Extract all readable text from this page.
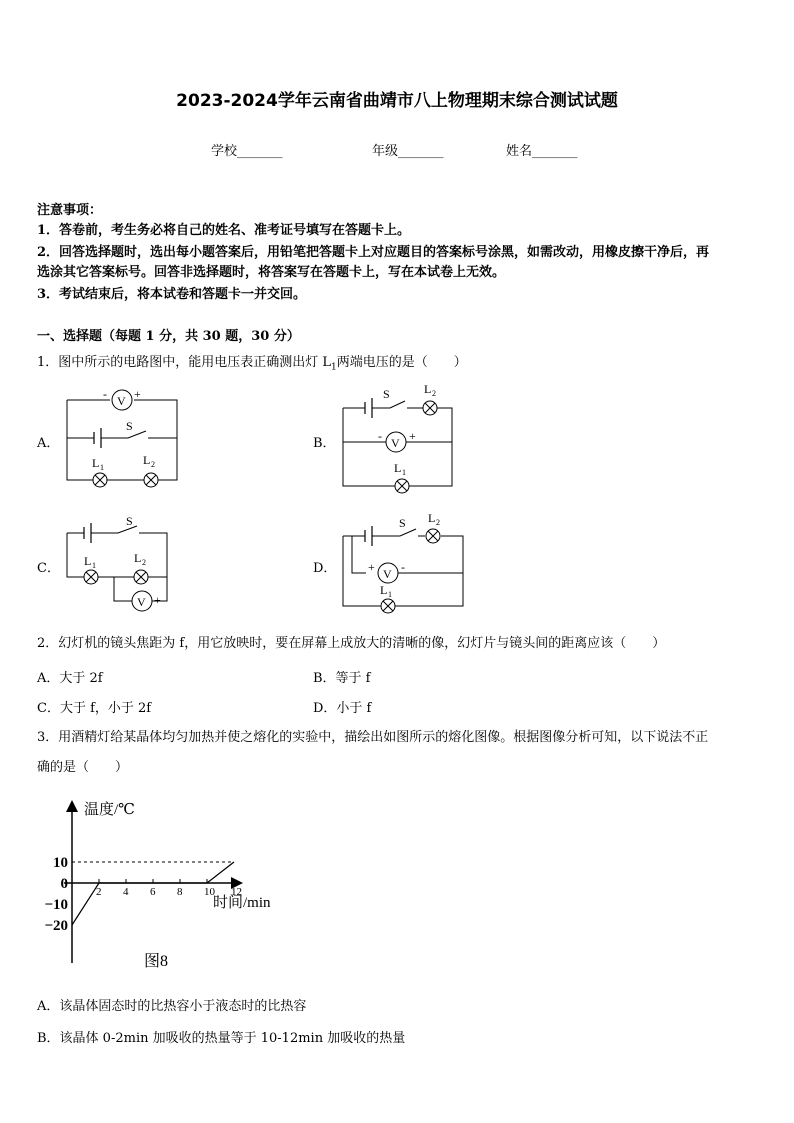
2023-2024学年云南省曲靖市八上物理期末综合测试试题
学校_______	年级_______	姓名_______
注意事项：
1．答卷前，考生务必将自己的姓名、准考证号填写在答题卡上。
2．回答选择题时，选出每小题答案后，用铅笔把答题卡上对应题目的答案标号涂黑，如需改动，用橡皮擦干净后，再
选涂其它答案标号。回答非选择题时，将答案写在答题卡上，写在本试卷上无效。
3．考试结束后，将本试卷和答题卡一并交回。
一、选择题（每题 1 分，共 30 题，30 分）
1．图中所示的电路图中，能用电压表正确测出灯 $L_1$两端电压的是（　　）
V
- +
S
L 1
L 2
V
- +
S	L 2
L 1
V
- +
S
L 1
L 2
V
+ -
S L 2
L 1
A．	B．
C．	D．
2．幻灯机的镜头焦距为 f，用它放映时，要在屏幕上成放大的清晰的像，幻灯片与镜头间的距离应该（　　）
A．大于 2f	B．等于 f
C．大于 f，小于 2f	D．小于 f
3．用酒精灯给某晶体均匀加热并使之熔化的实验中，描绘出如图所示的熔化图像。根据图像分析可知，以下说法不正
确的是（　　）
温度/℃
时间/min
图8
2 4 6 8 10 12
10
0
−10
−20
A．该晶体固态时的比热容小于液态时的比热容
B．该晶体 0-2min 加吸收的热量等于 10-12min 加吸收的热量
